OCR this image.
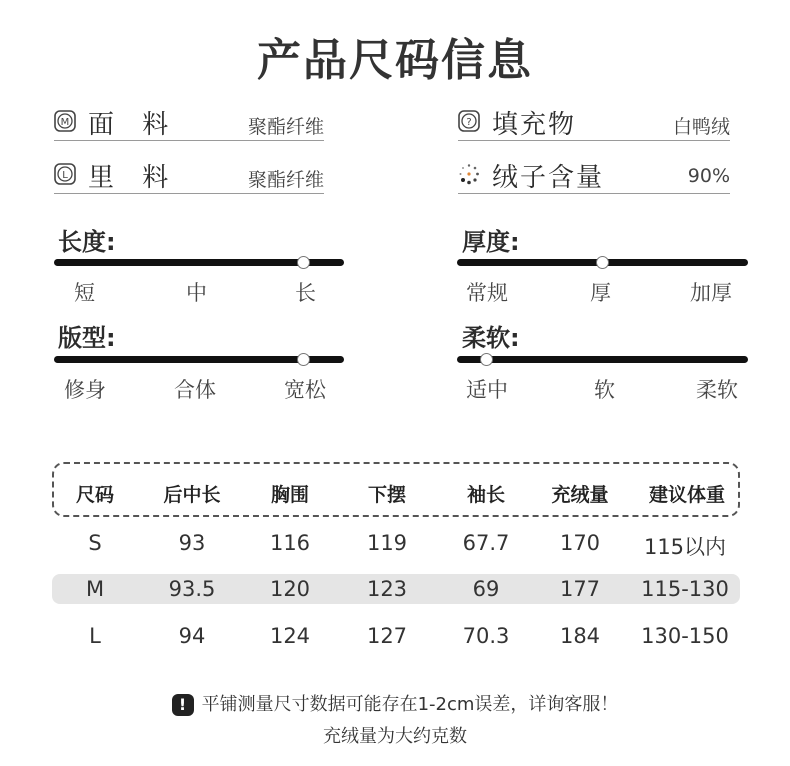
产品尺码信息
M 面 料	聚酯纤维
L 里 料	聚酯纤维
? 填充物	白鸭绒
绒子含量	90%
长度:
短	中	长
厚度:
常规	厚	加厚
版型:
修身	合体	宽松
柔软:
适中	软	柔软
尺码	后中长	胸围	下摆	袖长	充绒量	建议体重
S	93	116	119	67.7	170	115以内
M	93.5	120	123	69	177	115-130
L	94	124	127	70.3	184	130-150
! 平铺测量尺寸数据可能存在1-2cm误差，详询客服！
充绒量为大约克数
